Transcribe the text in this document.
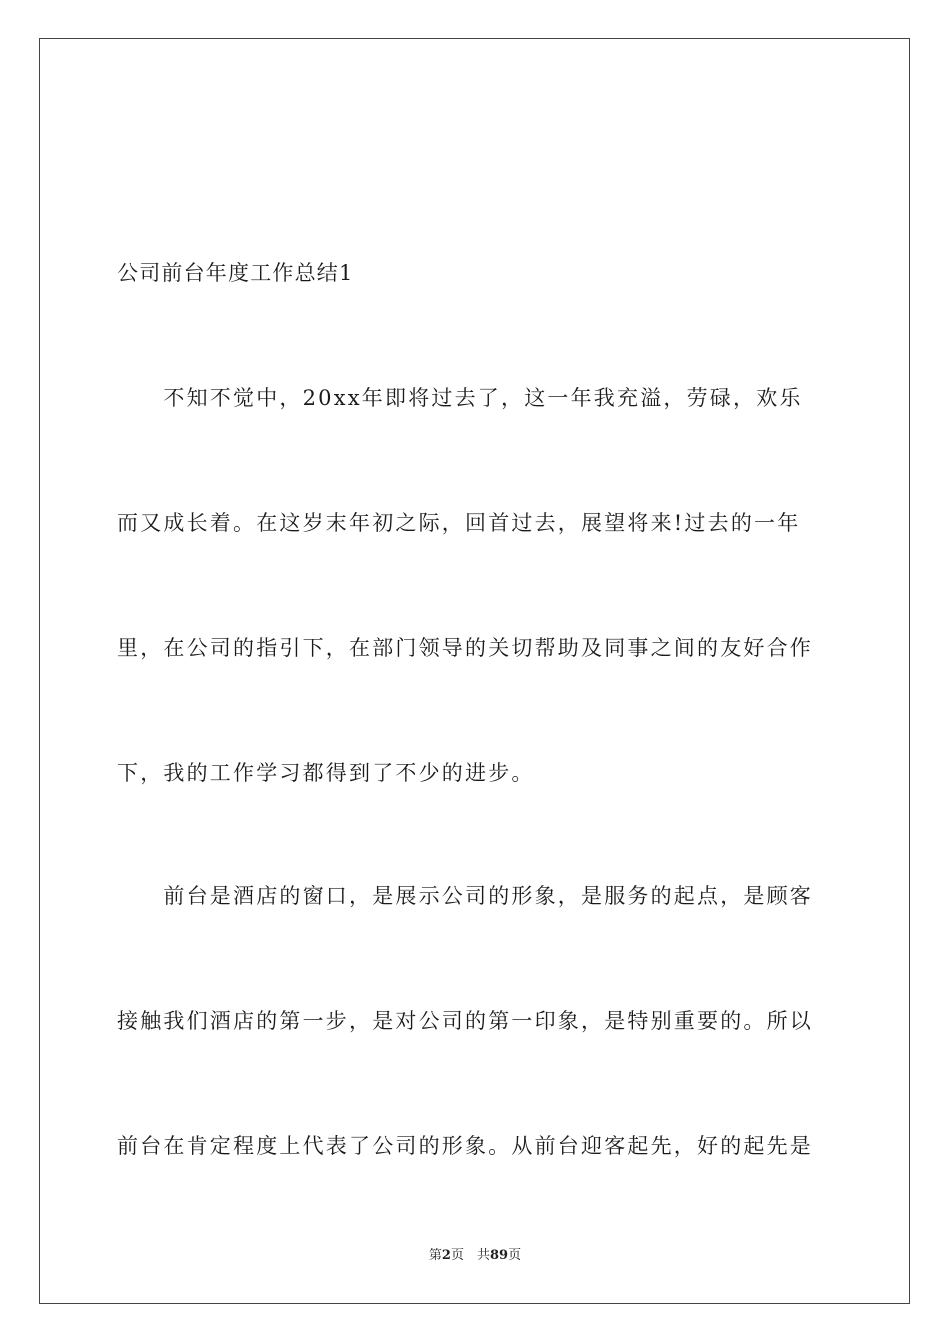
公司前台年度工作总结1
　　不知不觉中，20xx年即将过去了，这一年我充溢，劳碌，欢乐
而又成长着。在这岁末年初之际，回首过去，展望将来!过去的一年
里，在公司的指引下，在部门领导的关切帮助及同事之间的友好合作
下，我的工作学习都得到了不少的进步。
　　前台是酒店的窗口，是展示公司的形象，是服务的起点，是顾客
接触我们酒店的第一步，是对公司的第一印象，是特别重要的。所以
前台在肯定程度上代表了公司的形象。从前台迎客起先，好的起先是
第2页　共89页
